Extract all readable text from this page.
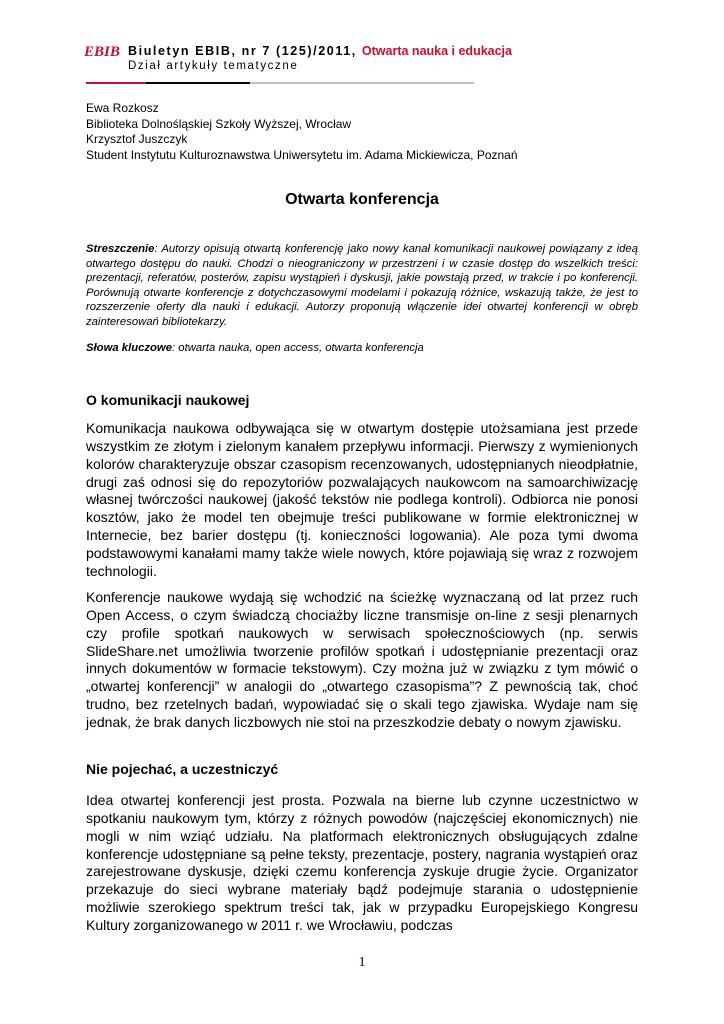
EBIB Biuletyn EBIB, nr 7 (125)/2011, Otwarta nauka i edukacja
Dział artykuły tematyczne
Ewa Rozkosz
Biblioteka Dolnośląskiej Szkoły Wyższej, Wrocław
Krzysztof Juszczyk
Student Instytutu Kulturoznawstwa Uniwersytetu im. Adama Mickiewicza, Poznań
Otwarta konferencja
Streszczenie: Autorzy opisują otwartą konferencję jako nowy kanał komunikacji naukowej powiązany z ideą otwartego dostępu do nauki. Chodzi o nieograniczony w przestrzeni i w czasie dostęp do wszelkich treści: prezentacji, referatów, posterów, zapisu wystąpień i dyskusji, jakie powstają przed, w trakcie i po konferencji. Porównują otwarte konferencje z dotychczasowymi modelami i pokazują różnice, wskazują także, że jest to rozszerzenie oferty dla nauki i edukacji. Autorzy proponują włączenie idei otwartej konferencji w obręb zainteresowań bibliotekarzy.
Słowa kluczowe: otwarta nauka, open access, otwarta konferencja
O komunikacji naukowej
Komunikacja naukowa odbywająca się w otwartym dostępie utożsamiana jest przede wszystkim ze złotym i zielonym kanałem przepływu informacji. Pierwszy z wymienionych kolorów charakteryzuje obszar czasopism recenzowanych, udostępnianych nieodpłatnie, drugi zaś odnosi się do repozytoriów pozwalających naukowcom na samoarchiwizację własnej twórczości naukowej (jakość tekstów nie podlega kontroli). Odbiorca nie ponosi kosztów, jako że model ten obejmuje treści publikowane w formie elektronicznej w Internecie, bez barier dostępu (tj. konieczności logowania). Ale poza tymi dwoma podstawowymi kanałami mamy także wiele nowych, które pojawiają się wraz z rozwojem technologii.
Konferencje naukowe wydają się wchodzić na ścieżkę wyznaczaną od lat przez ruch Open Access, o czym świadczą chociażby liczne transmisje on-line z sesji plenarnych czy profile spotkań naukowych w serwisach społecznościowych (np. serwis SlideShare.net umożliwia tworzenie profilów spotkań i udostępnianie prezentacji oraz innych dokumentów w formacie tekstowym). Czy można już w związku z tym mówić o „otwartej konferencji” w analogii do „otwartego czasopisma”? Z pewnością tak, choć trudno, bez rzetelnych badań, wypowiadać się o skali tego zjawiska. Wydaje nam się jednak, że brak danych liczbowych nie stoi na przeszkodzie debaty o nowym zjawisku.
Nie pojechać, a uczestniczyć
Idea otwartej konferencji jest prosta. Pozwala na bierne lub czynne uczestnictwo w spotkaniu naukowym tym, którzy z różnych powodów (najczęściej ekonomicznych) nie mogli w nim wziąć udziału. Na platformach elektronicznych obsługujących zdalne konferencje udostępniane są pełne teksty, prezentacje, postery, nagrania wystąpień oraz zarejestrowane dyskusje, dzięki czemu konferencja zyskuje drugie życie. Organizator przekazuje do sieci wybrane materiały bądź podejmuje starania o udostępnienie możliwie szerokiego spektrum treści tak, jak w przypadku Europejskiego Kongresu Kultury zorganizowanego w 2011 r. we Wrocławiu, podczas
1
